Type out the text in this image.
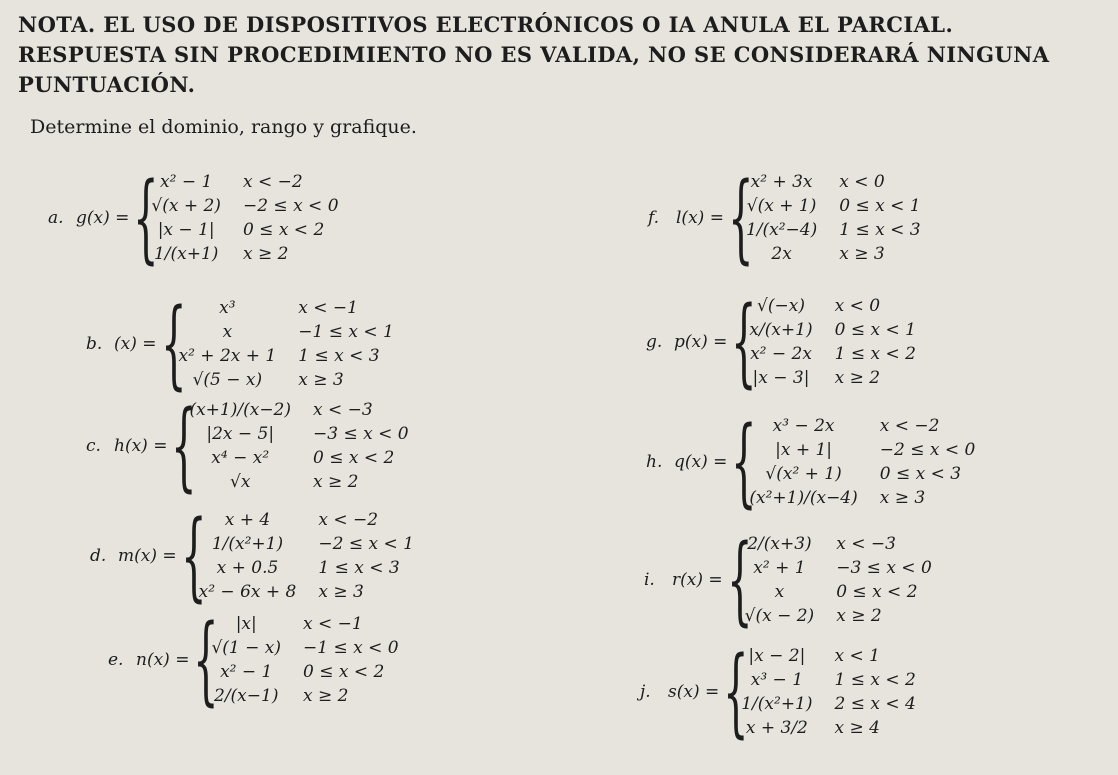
NOTA. EL USO DE DISPOSITIVOS ELECTRÓNICOS O IA ANULA EL PARCIAL. RESPUESTA SIN PROCEDIMIENTO NO ES VALIDA, NO SE CONSIDERARÁ NINGUNA PUNTUACIÓN.
Determine el dominio, rango y grafique.
a. g(x) = { x² − 1	x < −2
√(x + 2) −2 ≤ x < 0
|x − 1|	0 ≤ x < 2
1/(x+1) x ≥ 2
b. (x) = {	x³	x < −1
x	−1 ≤ x < 1
x² + 2x + 1 1 ≤ x < 3
√(5 − x)	x ≥ 3
c. h(x) = {
(x+1)/(x−2) x < −3
|2x − 5|	−3 ≤ x < 0
x⁴ − x²	0 ≤ x < 2
√x	x ≥ 2
d. m(x) = {	x + 4	x < −2
1/(x²+1)	−2 ≤ x < 1
x + 0.5	1 ≤ x < 3
x² − 6x + 8 x ≥ 3
e. n(x) = { |x|	x < −1
√(1 − x) −1 ≤ x < 0
x² − 1	0 ≤ x < 2
2/(x−1) x ≥ 2
f. l(x) = {
x² + 3x x < 0
√(x + 1) 0 ≤ x < 1
1/(x²−4) 1 ≤ x < 3
2x	x ≥ 3
g. p(x) = { √(−x)	x < 0
x/(x+1) 0 ≤ x < 1
x² − 2x 1 ≤ x < 2
|x − 3| x ≥ 2
h. q(x) = { x³ − 2x	x < −2
|x + 1|	−2 ≤ x < 0
√(x² + 1)	0 ≤ x < 3
(x²+1)/(x−4) x ≥ 3
i.	r(x) = {
2/(x+3) x < −3
x² + 1	−3 ≤ x < 0
x	0 ≤ x < 2
√(x − 2) x ≥ 2
j.	s(x) = { |x − 2|	x < 1
x³ − 1	1 ≤ x < 2
1/(x²+1) 2 ≤ x < 4
x + 3/2 x ≥ 4
